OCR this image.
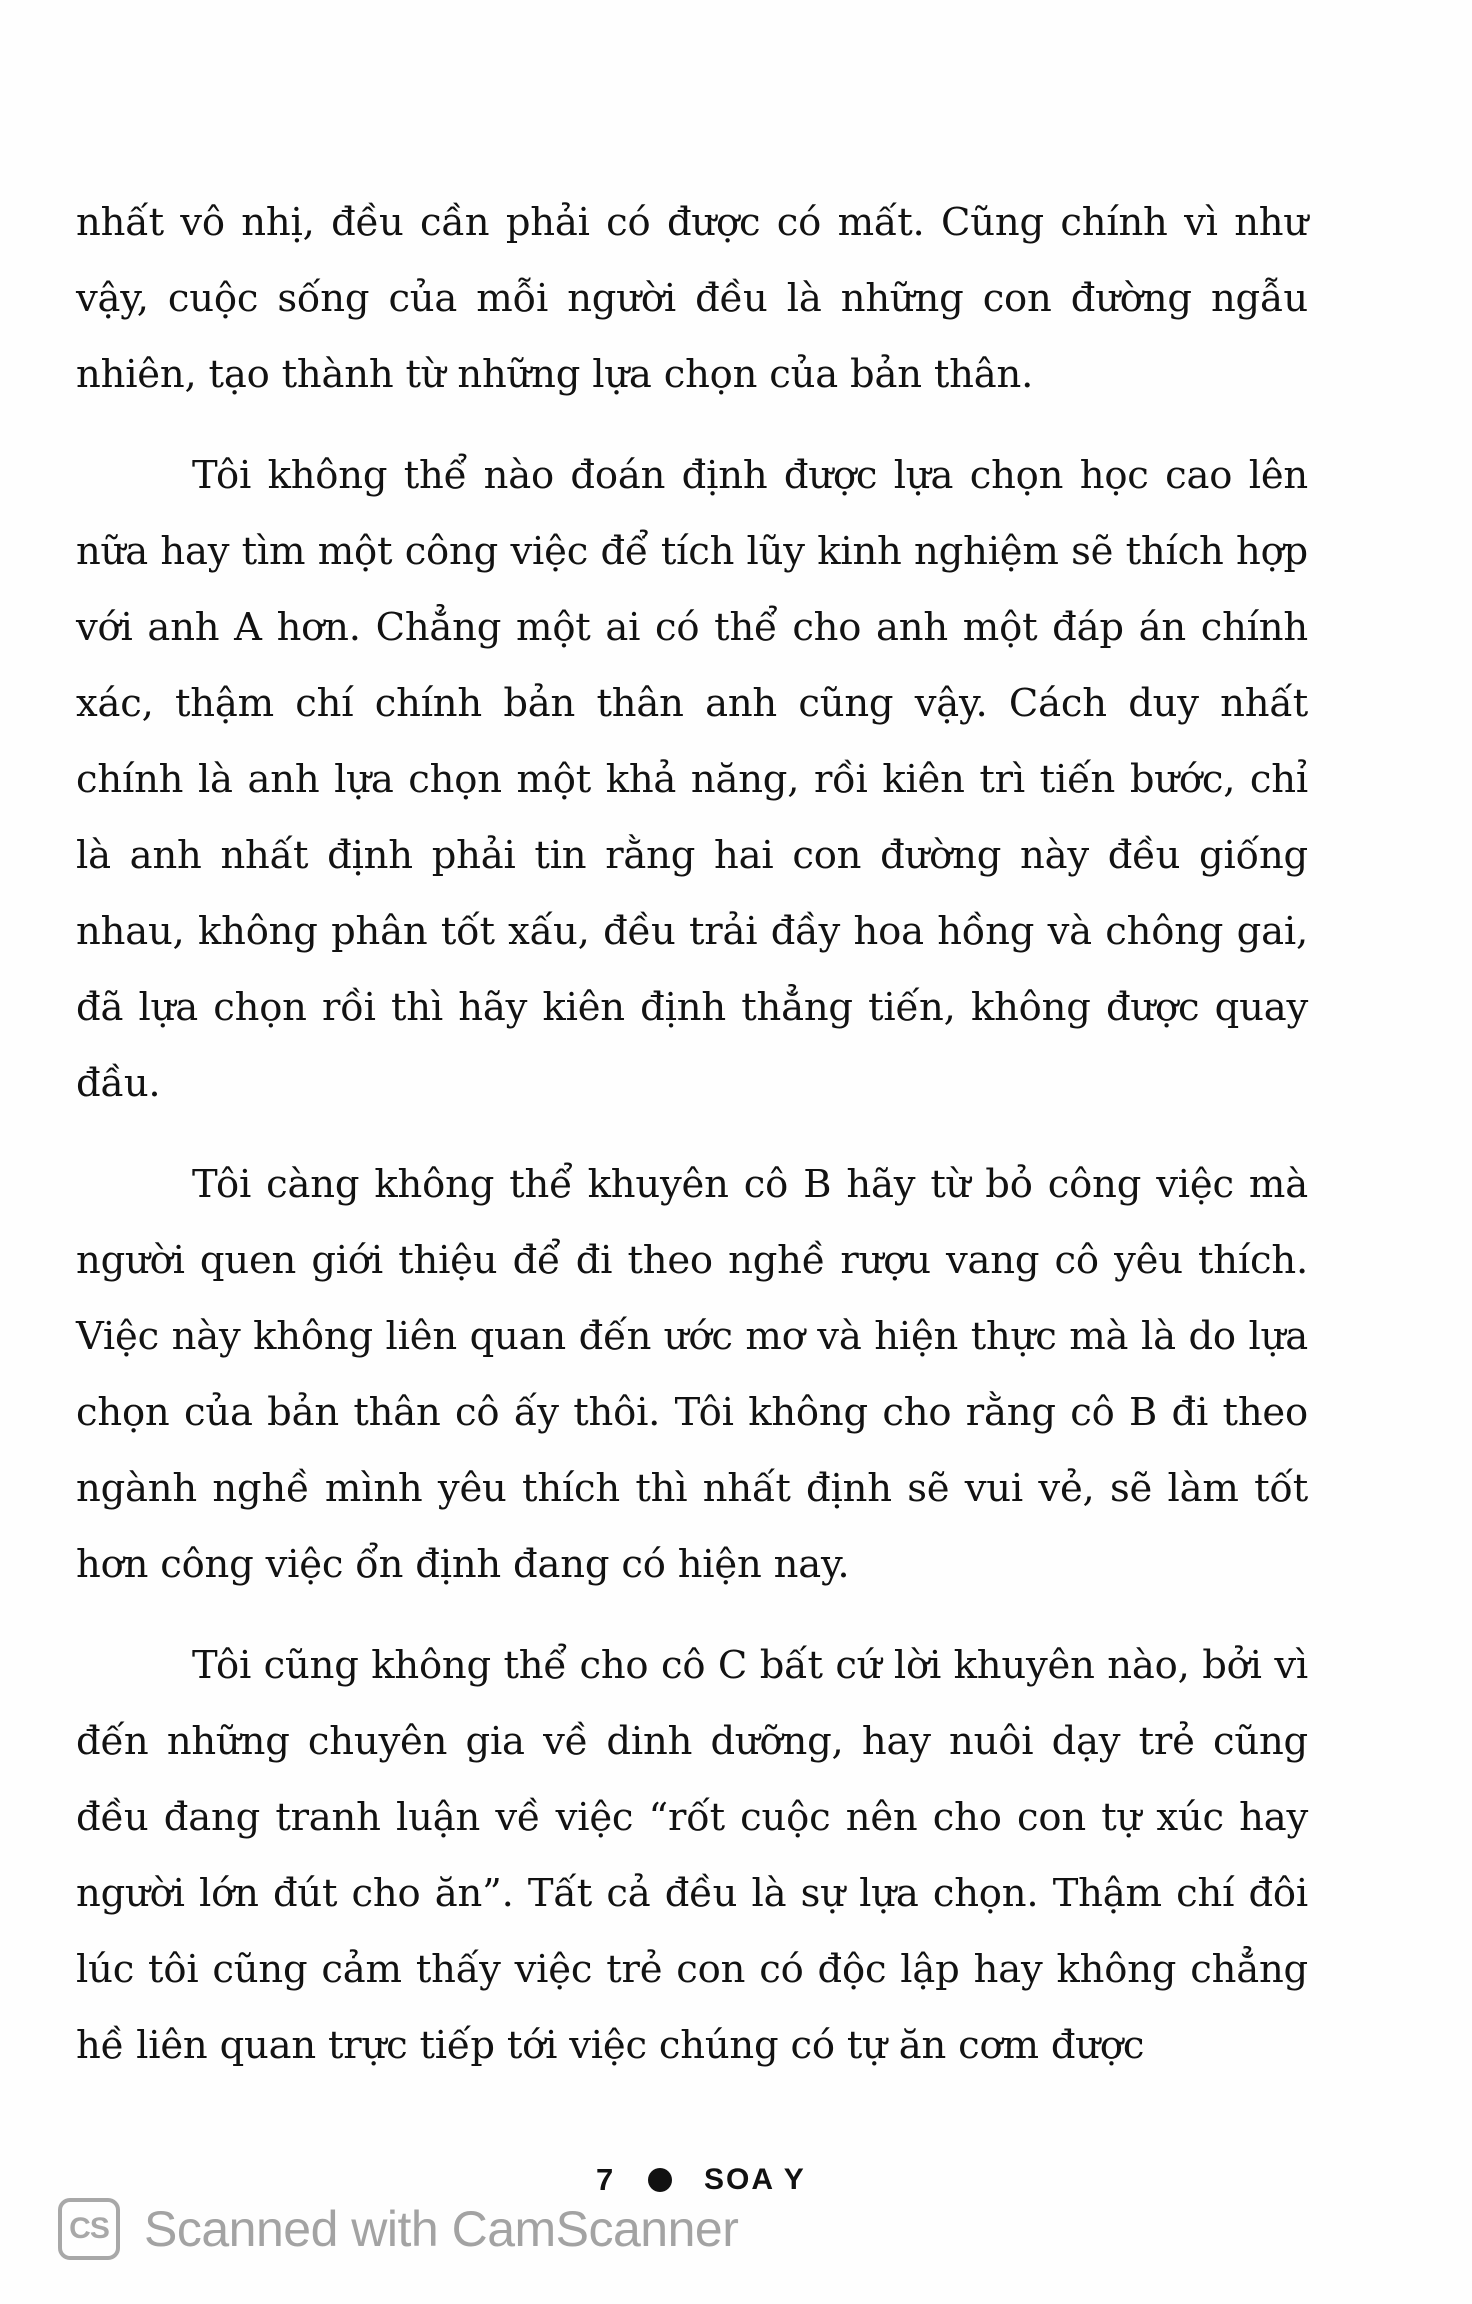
nhất vô nhị, đều cần phải có được có mất. Cũng chính vì như vậy, cuộc sống của mỗi người đều là những con đường ngẫu nhiên, tạo thành từ những lựa chọn của bản thân.

Tôi không thể nào đoán định được lựa chọn học cao lên nữa hay tìm một công việc để tích lũy kinh nghiệm sẽ thích hợp với anh A hơn. Chẳng một ai có thể cho anh một đáp án chính xác, thậm chí chính bản thân anh cũng vậy. Cách duy nhất chính là anh lựa chọn một khả năng, rồi kiên trì tiến bước, chỉ là anh nhất định phải tin rằng hai con đường này đều giống nhau, không phân tốt xấu, đều trải đầy hoa hồng và chông gai, đã lựa chọn rồi thì hãy kiên định thẳng tiến, không được quay đầu.

Tôi càng không thể khuyên cô B hãy từ bỏ công việc mà người quen giới thiệu để đi theo nghề rượu vang cô yêu thích. Việc này không liên quan đến ước mơ và hiện thực mà là do lựa chọn của bản thân cô ấy thôi. Tôi không cho rằng cô B đi theo ngành nghề mình yêu thích thì nhất định sẽ vui vẻ, sẽ làm tốt hơn công việc ổn định đang có hiện nay.

Tôi cũng không thể cho cô C bất cứ lời khuyên nào, bởi vì đến những chuyên gia về dinh dưỡng, hay nuôi dạy trẻ cũng đều đang tranh luận về việc “rốt cuộc nên cho con tự xúc hay người lớn đút cho ăn”. Tất cả đều là sự lựa chọn. Thậm chí đôi lúc tôi cũng cảm thấy việc trẻ con có độc lập hay không chẳng hề liên quan trực tiếp tới việc chúng có tự ăn cơm được

7	SOA Y
CS Scanned with CamScanner
